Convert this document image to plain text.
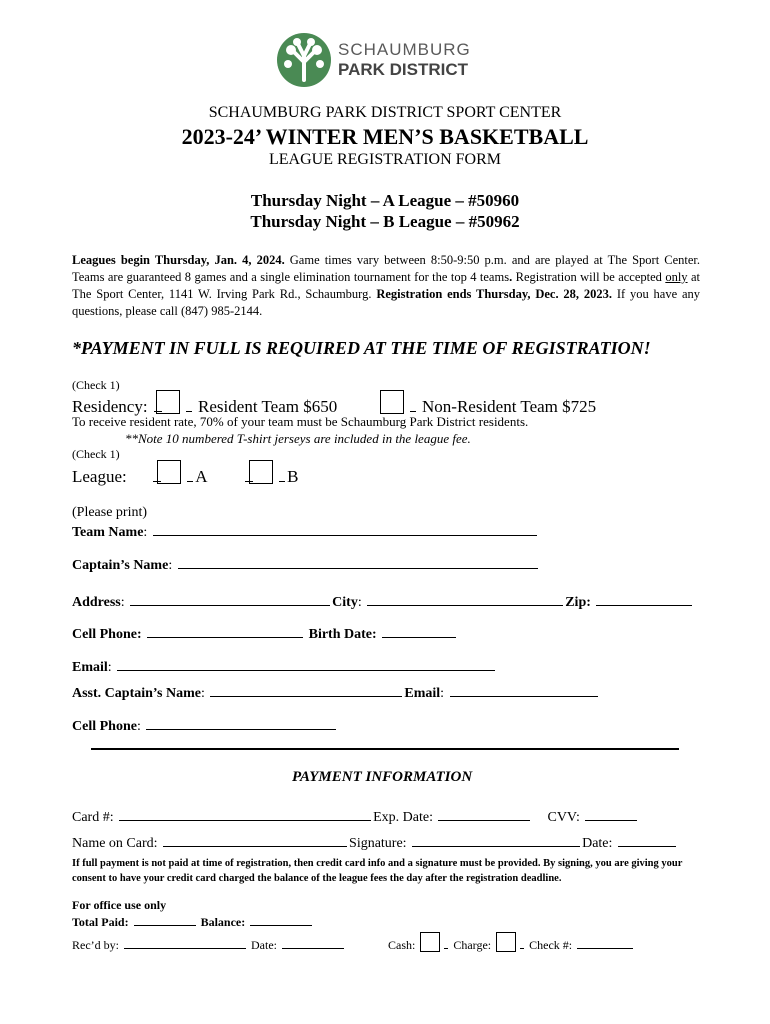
SCHAUMBURG
PARK DISTRICT
SCHAUMBURG PARK DISTRICT SPORT CENTER
2023-24’ WINTER MEN’S BASKETBALL
LEAGUE REGISTRATION FORM
Thursday Night – A League – #50960
Thursday Night – B League – #50962
Leagues begin Thursday, Jan. 4, 2024. Game times vary between 8:50-9:50 p.m. and are played at The Sport Center. Teams are guaranteed 8 games and a single elimination tournament for the top 4 teams. Registration will be accepted only at The Sport Center, 1141 W. Irving Park Rd., Schaumburg. Registration ends Thursday, Dec. 28, 2023. If you have any questions, please call (847) 985-2144.
*PAYMENT IN FULL IS REQUIRED AT THE TIME OF REGISTRATION!
(Check 1)
Residency:	Resident Team $650	Non-Resident Team $725
To receive resident rate, 70% of your team must be Schaumburg Park District residents.
**Note 10 numbered T-shirt jerseys are included in the league fee.
(Check 1)
League:	A	B
(Please print)
Team Name:
Captain’s Name:
Address:	City:	Zip:
Cell Phone:	Birth Date:
Email:
Asst. Captain’s Name:	Email:
Cell Phone:
PAYMENT INFORMATION
Card #:	Exp. Date:	CVV:
Name on Card:	Signature:	Date:
If full payment is not paid at time of registration, then credit card info and a signature must be provided. By signing, you are giving your consent to have your credit card charged the balance of the league fees the day after the registration deadline.
For office use only
Total Paid:	Balance:
Rec’d by:	Date:	Cash:	Charge:	Check #:
